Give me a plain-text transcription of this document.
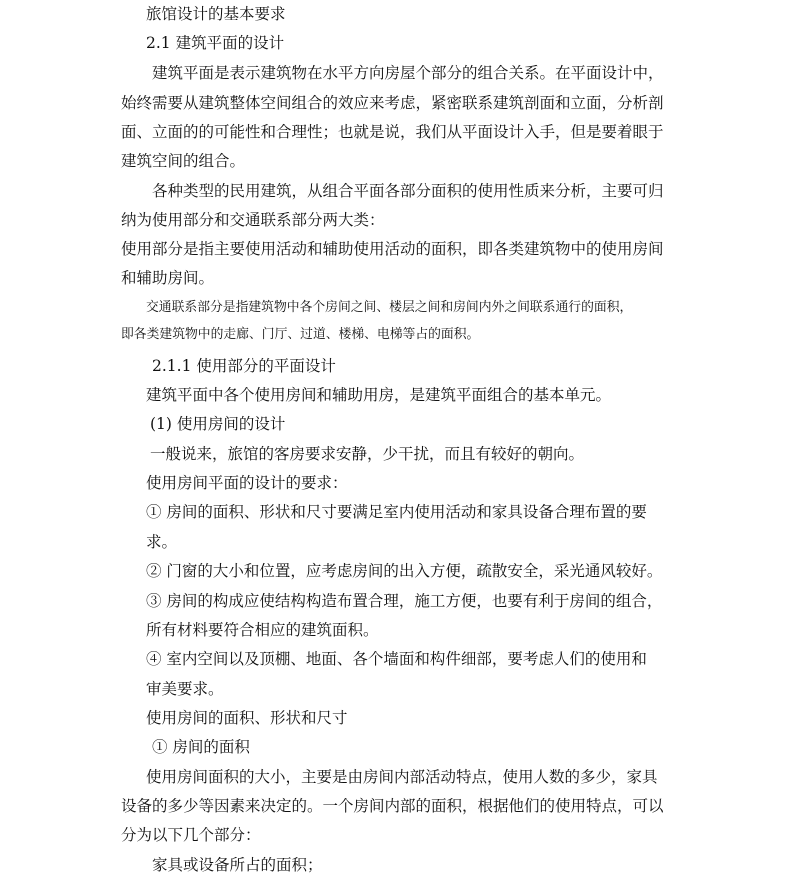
旅馆设计的基本要求

2.1 建筑平面的设计

建筑平面是表示建筑物在水平方向房屋个部分的组合关系。在平面设计中，

始终需要从建筑整体空间组合的效应来考虑，紧密联系建筑剖面和立面，分析剖

面、立面的的可能性和合理性；也就是说，我们从平面设计入手，但是要着眼于

建筑空间的组合。

各种类型的民用建筑，从组合平面各部分面积的使用性质来分析，主要可归

纳为使用部分和交通联系部分两大类：

使用部分是指主要使用活动和辅助使用活动的面积，即各类建筑物中的使用房间

和辅助房间。

交通联系部分是指建筑物中各个房间之间、楼层之间和房间内外之间联系通行的面积，

即各类建筑物中的走廊、门厅、过道、楼梯、电梯等占的面积。

2.1.1 使用部分的平面设计

建筑平面中各个使用房间和辅助用房，是建筑平面组合的基本单元。

(1) 使用房间的设计

一般说来，旅馆的客房要求安静，少干扰，而且有较好的朝向。

使用房间平面的设计的要求：

① 房间的面积、形状和尺寸要满足室内使用活动和家具设备合理布置的要

求。

② 门窗的大小和位置，应考虑房间的出入方便，疏散安全，采光通风较好。

③ 房间的构成应使结构构造布置合理，施工方便，也要有利于房间的组合，

所有材料要符合相应的建筑面积。

④ 室内空间以及顶棚、地面、各个墙面和构件细部，要考虑人们的使用和

审美要求。

使用房间的面积、形状和尺寸

① 房间的面积

使用房间面积的大小，主要是由房间内部活动特点，使用人数的多少，家具

设备的多少等因素来决定的。一个房间内部的面积，根据他们的使用特点，可以

分为以下几个部分：

家具或设备所占的面积；
